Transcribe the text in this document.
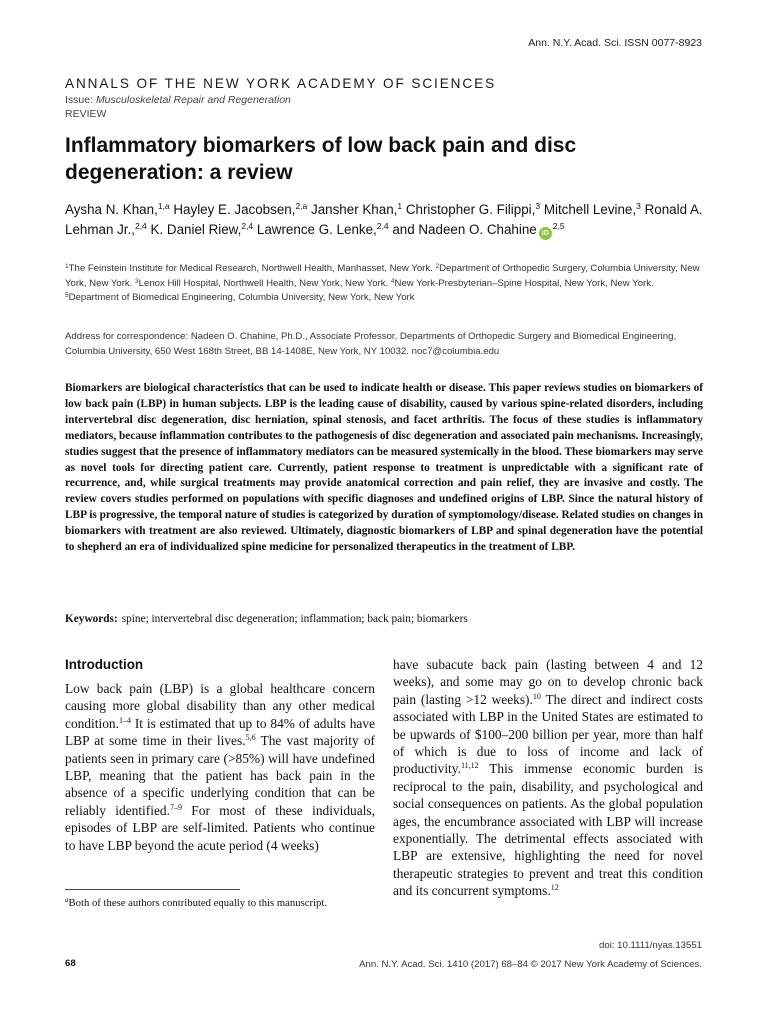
Ann. N.Y. Acad. Sci. ISSN 0077-8923
ANNALS OF THE NEW YORK ACADEMY OF SCIENCES
Issue: Musculoskeletal Repair and Regeneration
REVIEW
Inflammatory biomarkers of low back pain and disc degeneration: a review
Aysha N. Khan,$^{1,a}$ Hayley E. Jacobsen,$^{2,a}$ Jansher Khan,$^1$ Christopher G. Filippi,$^3$ Mitchell Levine,$^3$ Ronald A. Lehman Jr.,$^{2,4}$ K. Daniel Riew,$^{2,4}$ Lawrence G. Lenke,$^{2,4}$ and Nadeen O. Chahine iD$^{2,5}$
$^1$The Feinstein Institute for Medical Research, Northwell Health, Manhasset, New York. $^2$Department of Orthopedic Surgery, Columbia University, New York, New York. $^3$Lenox Hill Hospital, Northwell Health, New York, New York. $^4$New York-Presbyterian–Spine Hospital, New York, New York. $^5$Department of Biomedical Engineering, Columbia University, New York, New York
Address for correspondence: Nadeen O. Chahine, Ph.D., Associate Professor, Departments of Orthopedic Surgery and Biomedical Engineering, Columbia University, 650 West 168th Street, BB 14-1408E, New York, NY 10032. noc7@columbia.edu
Biomarkers are biological characteristics that can be used to indicate health or disease. This paper reviews studies on biomarkers of low back pain (LBP) in human subjects. LBP is the leading cause of disability, caused by various spine-related disorders, including intervertebral disc degeneration, disc herniation, spinal stenosis, and facet arthritis. The focus of these studies is inflammatory mediators, because inflammation contributes to the pathogenesis of disc degeneration and associated pain mechanisms. Increasingly, studies suggest that the presence of inflammatory mediators can be measured systemically in the blood. These biomarkers may serve as novel tools for directing patient care. Currently, patient response to treatment is unpredictable with a significant rate of recurrence, and, while surgical treatments may provide anatomical correction and pain relief, they are invasive and costly. The review covers studies performed on populations with specific diagnoses and undefined origins of LBP. Since the natural history of LBP is progressive, the temporal nature of studies is categorized by duration of symptomology/disease. Related studies on changes in biomarkers with treatment are also reviewed. Ultimately, diagnostic biomarkers of LBP and spinal degeneration have the potential to shepherd an era of individualized spine medicine for personalized therapeutics in the treatment of LBP.
Keywords: spine; intervertebral disc degeneration; inflammation; back pain; biomarkers
Introduction

Low back pain (LBP) is a global healthcare concern causing more global disability than any other medical condition.$^{1-4}$ It is estimated that up to 84% of adults have LBP at some time in their lives.$^{5,6}$ The vast majority of patients seen in primary care (>85%) will have undefined LBP, meaning that the patient has back pain in the absence of a specific underlying condition that can be reliably identified.$^{7-9}$ For most of these individuals, episodes of LBP are self-limited. Patients who continue to have LBP beyond the acute period (4 weeks)

have subacute back pain (lasting between 4 and 12 weeks), and some may go on to develop chronic back pain (lasting >12 weeks).$^{10}$ The direct and indirect costs associated with LBP in the United States are estimated to be upwards of $100–200 billion per year, more than half of which is due to loss of income and lack of productivity.$^{11,12}$ This immense economic burden is reciprocal to the pain, disability, and psychological and social consequences on patients. As the global population ages, the encumbrance associated with LBP will increase exponentially. The detrimental effects associated with LBP are extensive, highlighting the need for novel therapeutic strategies to prevent and treat this condition and its concurrent symptoms.$^{12}$

$^a$Both of these authors contributed equally to this manuscript.
doi: 10.1111/nyas.13551
68	Ann. N.Y. Acad. Sci. 1410 (2017) 68–84 © 2017 New York Academy of Sciences.
